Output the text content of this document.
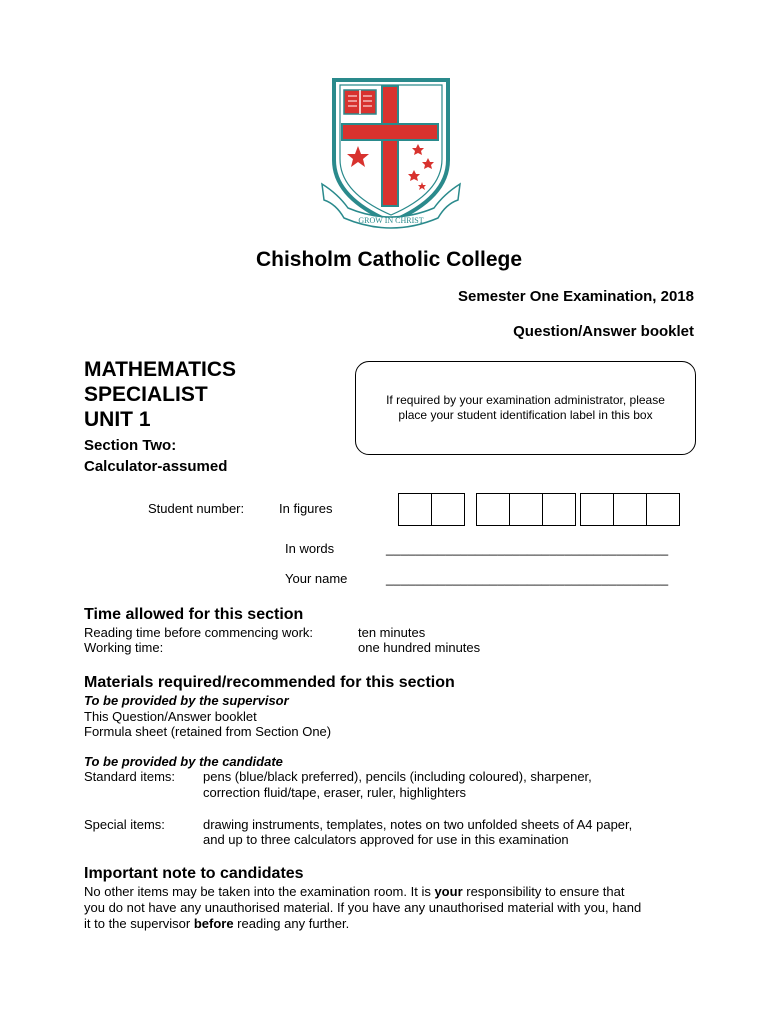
GROW IN CHRIST
Chisholm Catholic College
Semester One Examination, 2018
Question/Answer booklet
MATHEMATICS
SPECIALIST
UNIT 1
Section Two:
Calculator-assumed
If required by your examination administrator, please
place your student identification label in this box
Student number:	In figures
In words	______________________________________
Your name	______________________________________
Time allowed for this section
Reading time before commencing work:	ten minutes
Working time:	one hundred minutes
Materials required/recommended for this section
To be provided by the supervisor
This Question/Answer booklet
Formula sheet (retained from Section One)
To be provided by the candidate
Standard items: pens (blue/black preferred), pencils (including coloured), sharpener,
correction fluid/tape, eraser, ruler, highlighters
Special items:	drawing instruments, templates, notes on two unfolded sheets of A4 paper,
and up to three calculators approved for use in this examination
Important note to candidates
No other items may be taken into the examination room. It is your responsibility to ensure that
you do not have any unauthorised material. If you have any unauthorised material with you, hand
it to the supervisor before reading any further.
